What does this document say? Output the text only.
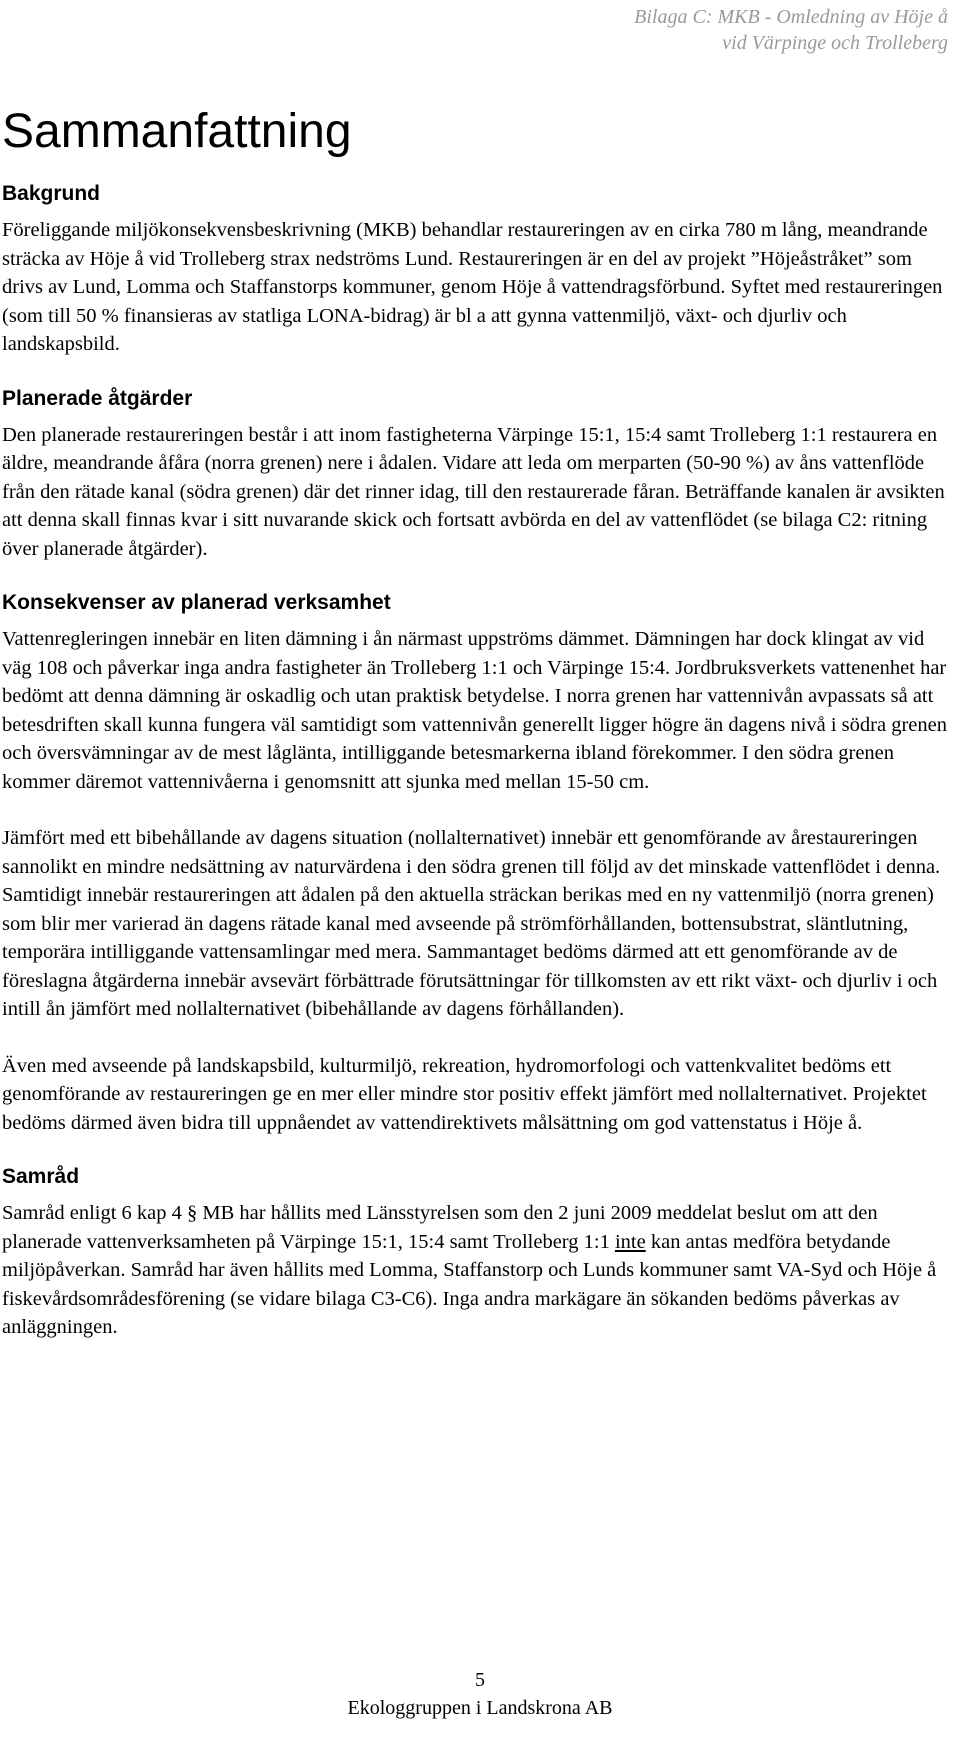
Bilaga C: MKB - Omledning av Höje å
vid Värpinge och Trolleberg
Sammanfattning
Bakgrund

Föreliggande miljökonsekvensbeskrivning (MKB) behandlar restaureringen av en cirka 780 m lång, meandrande sträcka av Höje å vid Trolleberg strax nedströms Lund. Restaureringen är en del av projekt ”Höjeåstråket” som drivs av Lund, Lomma och Staffanstorps kommuner, genom Höje å vattendragsförbund. Syftet med restaureringen (som till 50 % finansieras av statliga LONA-bidrag) är bl a att gynna vattenmiljö, växt- och djurliv och landskapsbild.

Planerade åtgärder

Den planerade restaureringen består i att inom fastigheterna Värpinge 15:1, 15:4 samt Trolleberg 1:1 restaurera en äldre, meandrande åfåra (norra grenen) nere i ådalen. Vidare att leda om merparten (50-90 %) av åns vattenflöde från den rätade kanal (södra grenen) där det rinner idag, till den restaurerade fåran. Beträffande kanalen är avsikten att denna skall finnas kvar i sitt nuvarande skick och fortsatt avbörda en del av vattenflödet (se bilaga C2: ritning över planerade åtgärder).

Konsekvenser av planerad verksamhet

Vattenregleringen innebär en liten dämning i ån närmast uppströms dämmet. Dämningen har dock klingat av vid väg 108 och påverkar inga andra fastigheter än Trolleberg 1:1 och Värpinge 15:4. Jordbruksverkets vattenenhet har bedömt att denna dämning är oskadlig och utan praktisk betydelse. I norra grenen har vattennivån avpassats så att betesdriften skall kunna fungera väl samtidigt som vattennivån generellt ligger högre än dagens nivå i södra grenen och översvämningar av de mest låglänta, intilliggande betesmarkerna ibland förekommer. I den södra grenen kommer däremot vattennivåerna i genomsnitt att sjunka med mellan 15-50 cm.

Jämfört med ett bibehållande av dagens situation (nollalternativet) innebär ett genomförande av årestaureringen sannolikt en mindre nedsättning av naturvärdena i den södra grenen till följd av det minskade vattenflödet i denna. Samtidigt innebär restaureringen att ådalen på den aktuella sträckan berikas med en ny vattenmiljö (norra grenen) som blir mer varierad än dagens rätade kanal med avseende på strömförhållanden, bottensubstrat, släntlutning, temporära intilliggande vattensamlingar med mera. Sammantaget bedöms därmed att ett genomförande av de föreslagna åtgärderna innebär avsevärt förbättrade förutsättningar för tillkomsten av ett rikt växt- och djurliv i och intill ån jämfört med nollalternativet (bibehållande av dagens förhållanden).

Även med avseende på landskapsbild, kulturmiljö, rekreation, hydromorfologi och vattenkvalitet bedöms ett genomförande av restaureringen ge en mer eller mindre stor positiv effekt jämfört med nollalternativet. Projektet bedöms därmed även bidra till uppnåendet av vattendirektivets målsättning om god vattenstatus i Höje å.

Samråd

Samråd enligt 6 kap 4 § MB har hållits med Länsstyrelsen som den 2 juni 2009 meddelat beslut om att den planerade vattenverksamheten på Värpinge 15:1, 15:4 samt Trolleberg 1:1 inte kan antas medföra betydande miljöpåverkan. Samråd har även hållits med Lomma, Staffanstorp och Lunds kommuner samt VA-Syd och Höje å fiskevårdsområdesförening (se vidare bilaga C3-C6). Inga andra markägare än sökanden bedöms påverkas av anläggningen.

5
Ekologgruppen i Landskrona AB
